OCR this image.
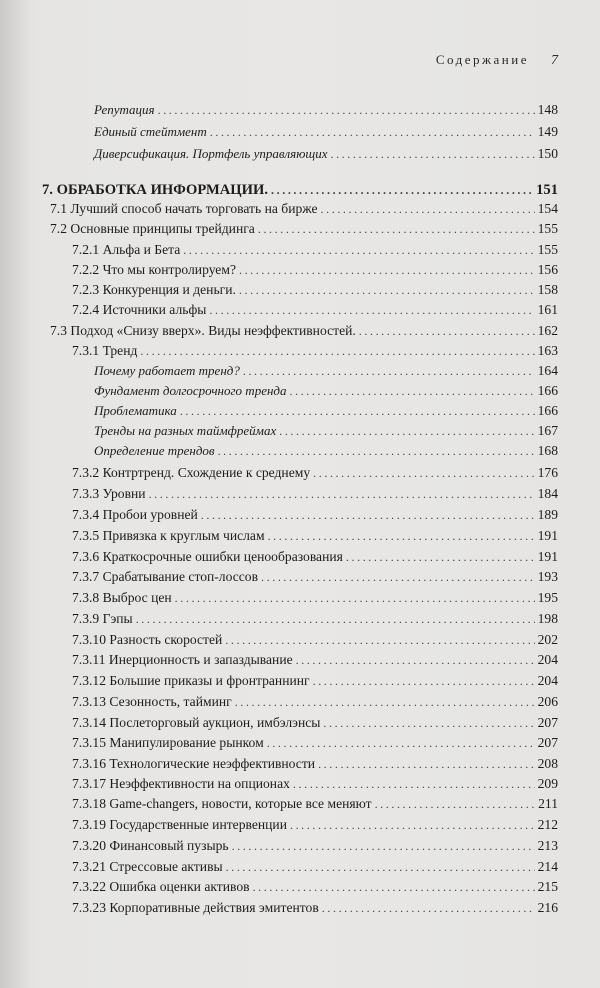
Содержание 7
Репутация .....	148
Единый стейтмент .....	149
Диверсификация. Портфель управляющих .....	150
7. ОБРАБОТКА ИНФОРМАЦИИ. .....	151
7.1 Лучший способ начать торговать на бирже .....	154
7.2 Основные принципы трейдинга .....	155
7.2.1 Альфа и Бета .....	155
7.2.2 Что мы контролируем? .....	156
7.2.3 Конкуренция и деньги. .....	158
7.2.4 Источники альфы .....	161
7.3 Подход «Снизу вверх». Виды неэффективностей. .....	162
7.3.1 Тренд .....	163
Почему работает тренд? .....	164
Фундамент долгосрочного тренда .....	166
Проблематика .....	166
Тренды на разных таймфреймах .....	167
Определение трендов .....	168
7.3.2 Контртренд. Схождение к среднему .....	176
7.3.3 Уровни .....	184
7.3.4 Пробои уровней .....	189
7.3.5 Привязка к круглым числам .....	191
7.3.6 Краткосрочные ошибки ценообразования .....	191
7.3.7 Срабатывание стоп-лоссов .....	193
7.3.8 Выброс цен .....	195
7.3.9 Гэпы .....	198
7.3.10 Разность скоростей .....	202
7.3.11 Инерционность и запаздывание .....	204
7.3.12 Большие приказы и фронтраннинг .....	204
7.3.13 Сезонность, тайминг .....	206
7.3.14 Послеторговый аукцион, имбэлэнсы .....	207
7.3.15 Манипулирование рынком .....	207
7.3.16 Технологические неэффективности .....	208
7.3.17 Неэффективности на опционах .....	209
7.3.18 Game-changers, новости, которые все меняют .....	211
7.3.19 Государственные интервенции .....	212
7.3.20 Финансовый пузырь .....	213
7.3.21 Стрессовые активы .....	214
7.3.22 Ошибка оценки активов .....	215
7.3.23 Корпоративные действия эмитентов .....	216
